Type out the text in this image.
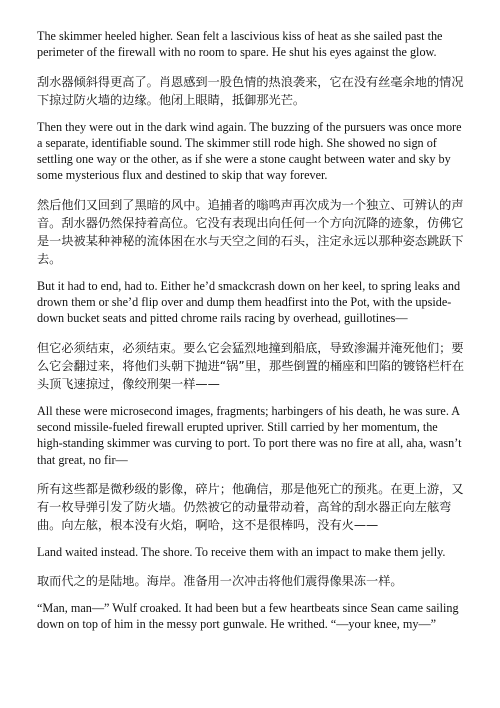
The skimmer heeled higher. Sean felt a lascivious kiss of heat as she sailed past the perimeter of the firewall with no room to spare. He shut his eyes against the glow.

刮水器倾斜得更高了。肖恩感到一股色情的热浪袭来，它在没有丝毫余地的情况下掠过防火墙的边缘。他闭上眼睛，抵御那光芒。

Then they were out in the dark wind again. The buzzing of the pursuers was once more a separate, identifiable sound. The skimmer still rode high. She showed no sign of settling one way or the other, as if she were a stone caught between water and sky by some mysterious flux and destined to skip that way forever.

然后他们又回到了黑暗的风中。追捕者的嗡鸣声再次成为一个独立、可辨认的声音。刮水器仍然保持着高位。它没有表现出向任何一个方向沉降的迹象，仿佛它是一块被某种神秘的流体困在水与天空之间的石头，注定永远以那种姿态跳跃下去。

But it had to end, had to. Either he’d smackcrash down on her keel, to spring leaks and drown them or she’d flip over and dump them headfirst into the Pot, with the upside-down bucket seats and pitted chrome rails racing by overhead, guillotines—

但它必须结束，必须结束。要么它会猛烈地撞到船底，导致渗漏并淹死他们；要么它会翻过来，将他们头朝下抛进“锅”里，那些倒置的桶座和凹陷的镀铬栏杆在头顶飞速掠过，像绞刑架一样——

All these were microsecond images, fragments; harbingers of his death, he was sure. A second missile-fueled firewall erupted upriver. Still carried by her momentum, the high-standing skimmer was curving to port. To port there was no fire at all, aha, wasn’t that great, no fir—

所有这些都是微秒级的影像，碎片；他确信，那是他死亡的预兆。在更上游，又有一枚导弹引发了防火墙。仍然被它的动量带动着，高耸的刮水器正向左舷弯曲。向左舷，根本没有火焰，啊哈，这不是很棒吗，没有火——

Land waited instead. The shore. To receive them with an impact to make them jelly.

取而代之的是陆地。海岸。准备用一次冲击将他们震得像果冻一样。

“Man, man—” Wulf croaked. It had been but a few heartbeats since Sean came sailing down on top of him in the messy port gunwale. He writhed. “—your knee, my—”
